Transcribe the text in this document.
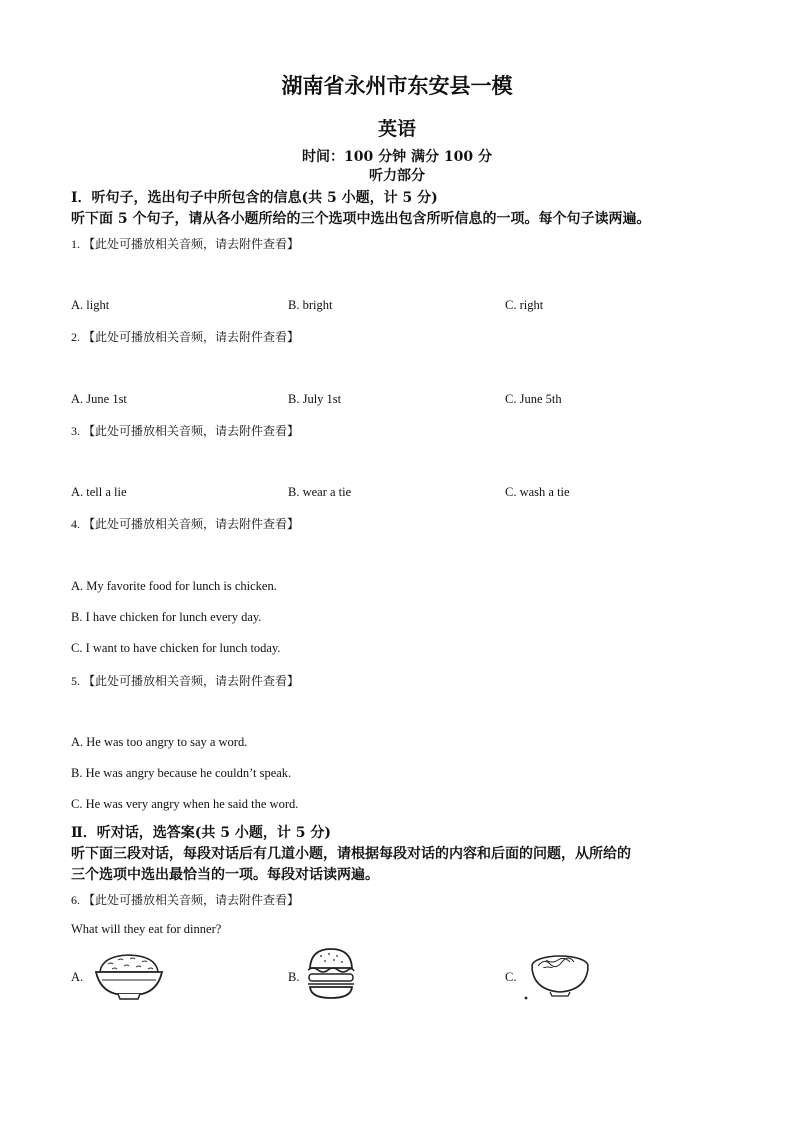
湖南省永州市东安县一模
英语
时间：100 分钟 满分 100 分
听力部分
Ⅰ．听句子，选出句子中所包含的信息(共 5 小题，计 5 分)
听下面 5 个句子，请从各小题所给的三个选项中选出包含所听信息的一项。每个句子读两遍。
1. 【此处可播放相关音频，请去附件查看】
A. light	B. bright	C. right
2. 【此处可播放相关音频，请去附件查看】
A. June 1st	B. July 1st	C. June 5th
3. 【此处可播放相关音频，请去附件查看】
A. tell a lie	B. wear a tie	C. wash a tie
4. 【此处可播放相关音频，请去附件查看】
A. My favorite food for lunch is chicken.
B. I have chicken for lunch every day.
C. I want to have chicken for lunch today.
5. 【此处可播放相关音频，请去附件查看】
A. He was too angry to say a word.
B. He was angry because he couldn’t speak.
C. He was very angry when he said the word.
Ⅱ．听对话，选答案(共 5 小题，计 5 分)
听下面三段对话，每段对话后有几道小题，请根据每段对话的内容和后面的问题，从所给的
三个选项中选出最恰当的一项。每段对话读两遍。
6. 【此处可播放相关音频，请去附件查看】
What will they eat for dinner?
A.	B.	C.
